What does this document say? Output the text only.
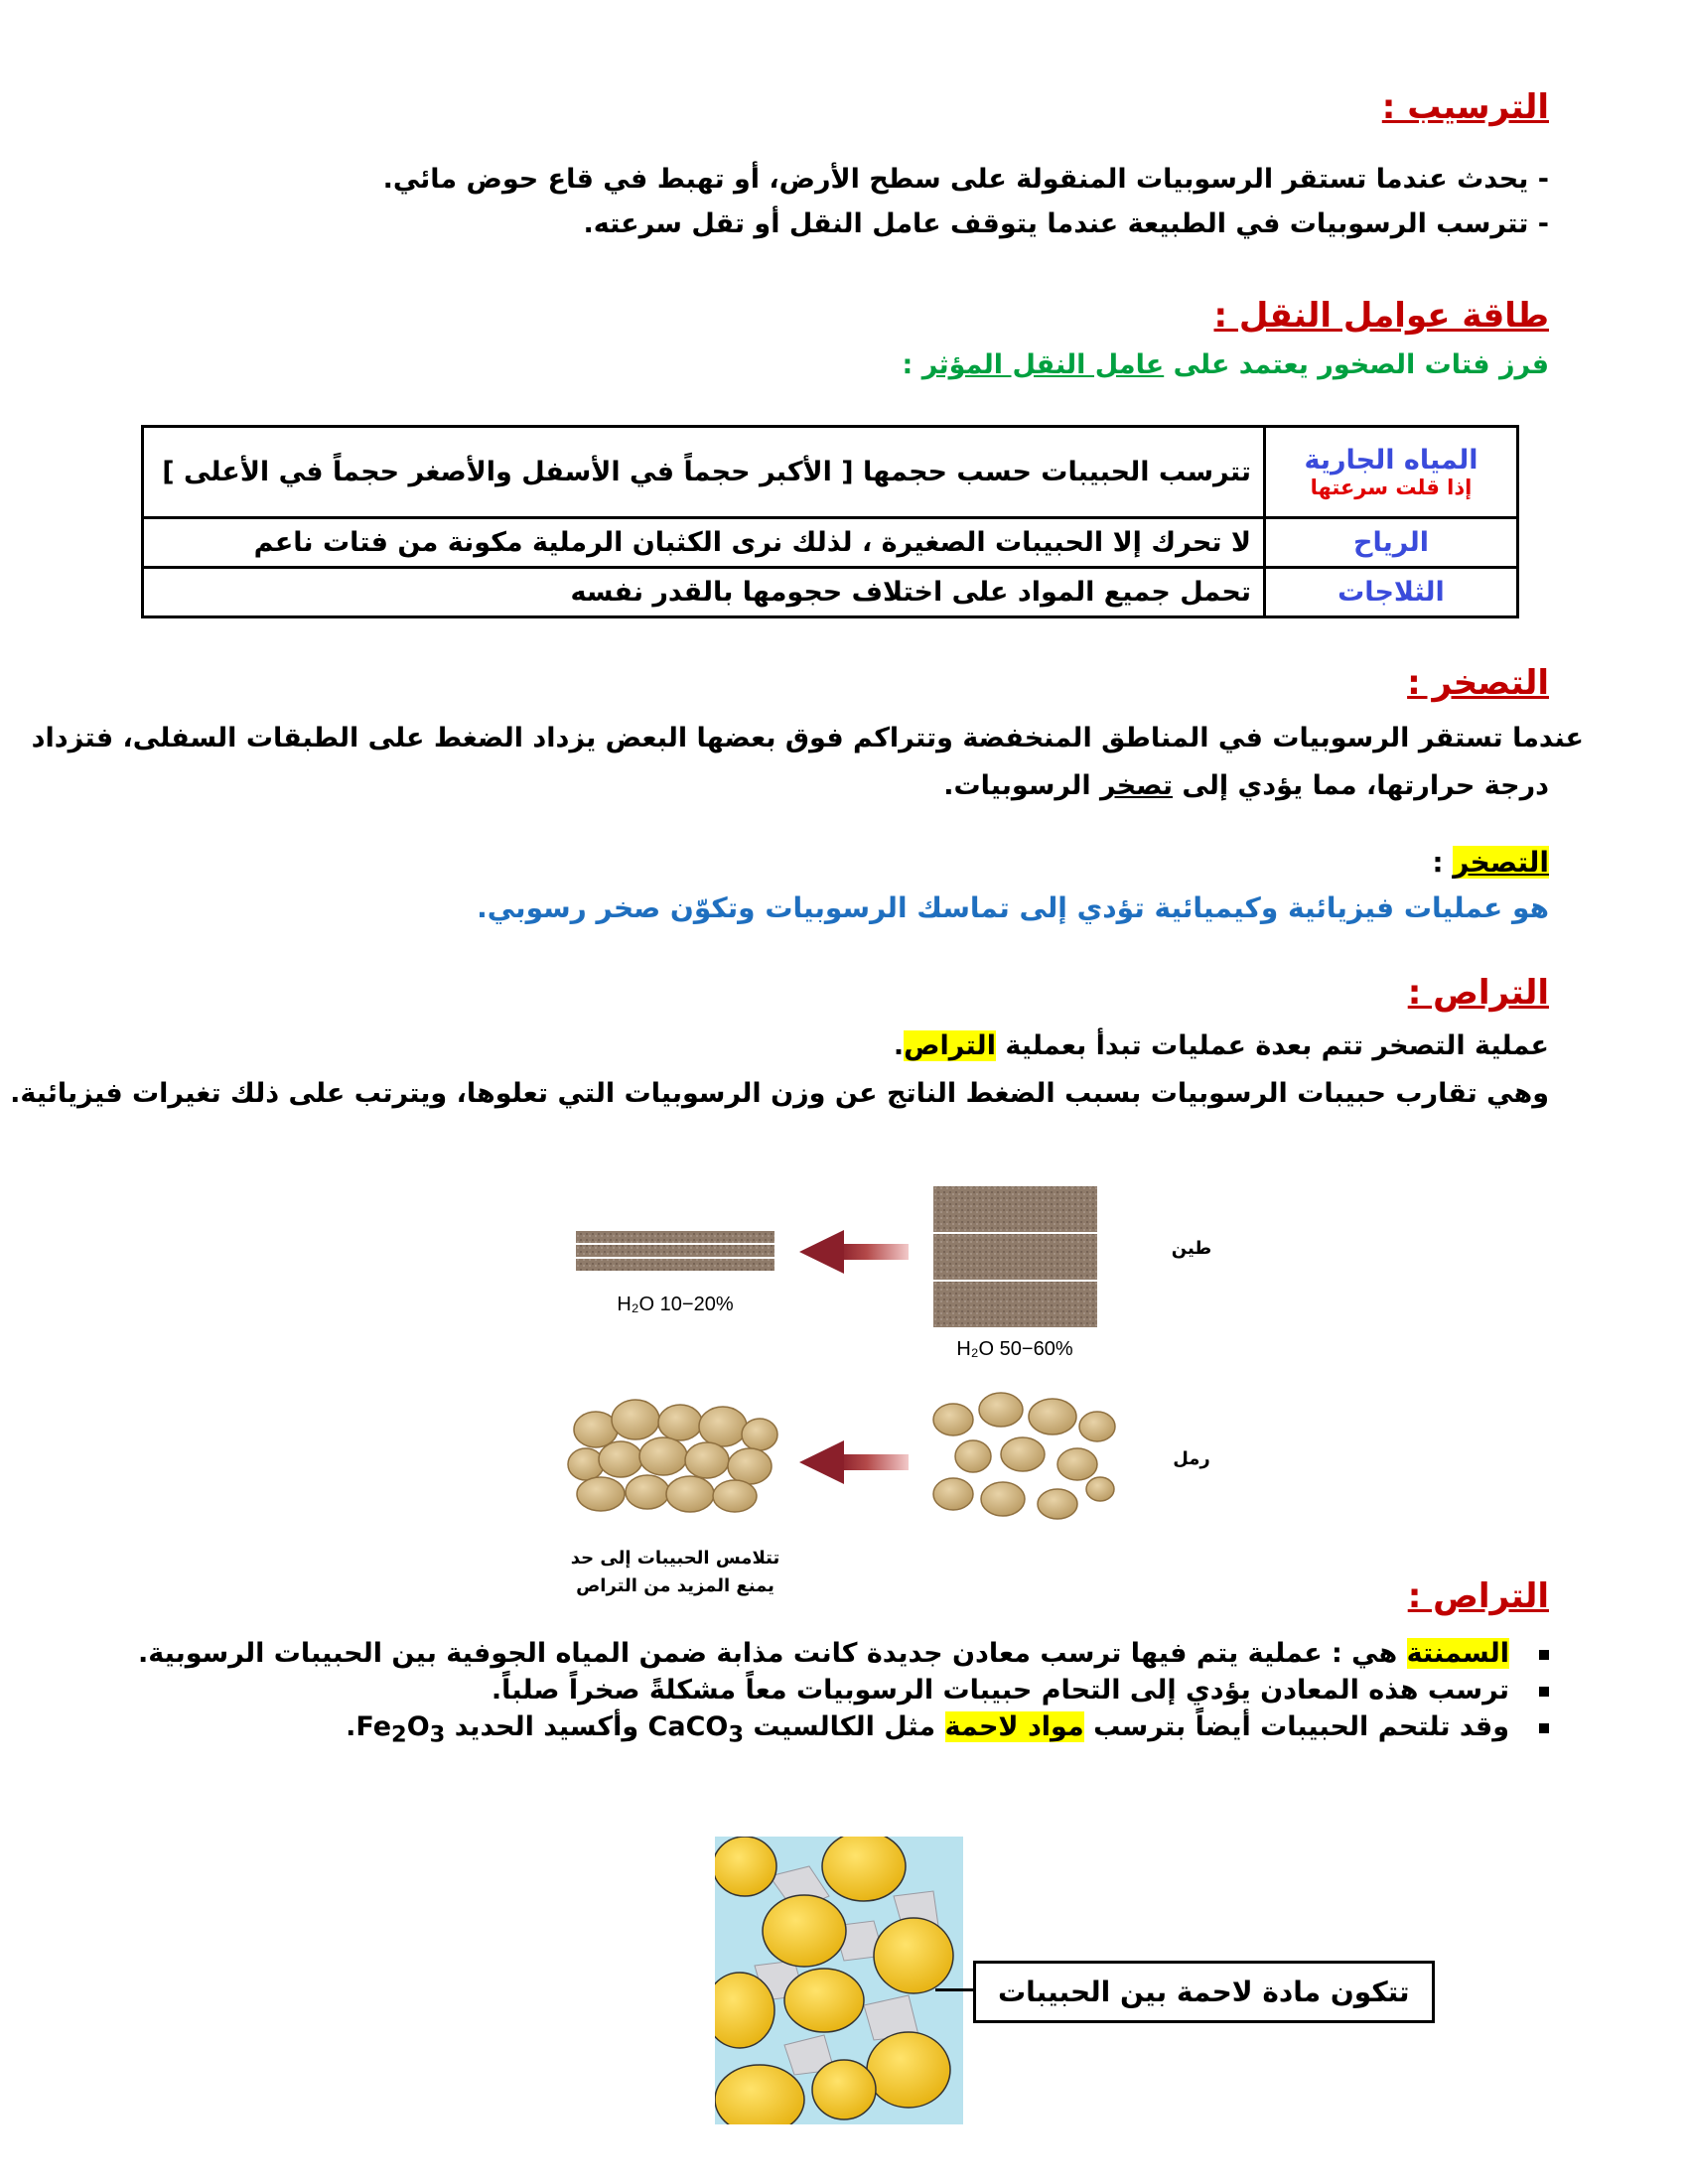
الترسيب :
- يحدث عندما تستقر الرسوبيات المنقولة على سطح الأرض، أو تهبط في قاع حوض مائي.
- تترسب الرسوبيات في الطبيعة عندما يتوقف عامل النقل أو تقل سرعته.
طاقة عوامل النقل :
فرز فتات الصخور يعتمد على عامل النقل المؤثر :
المياه الجارية
إذا قلت سرعتها	تترسب الحبيبات حسب حجمها [ الأكبر حجماً في الأسفل والأصغر حجماً في الأعلى ]
الرياح	لا تحرك إلا الحبيبات الصغيرة ، لذلك نرى الكثبان الرملية مكونة من فتات ناعم
الثلاجات	تحمل جميع المواد على اختلاف حجومها بالقدر نفسه
التصخر :
عندما تستقر الرسوبيات في المناطق المنخفضة وتتراكم فوق بعضها البعض يزداد الضغط على الطبقات السفلى، فتزداد
درجة حرارتها، مما يؤدي إلى تصخر الرسوبيات.
التصخر :
هو عمليات فيزيائية وكيميائية تؤدي إلى تماسك الرسوبيات وتكوّن صخر رسوبي.
التراص :
عملية التصخر تتم بعدة عمليات تبدأ بعملية التراص.
وهي تقارب حبيبات الرسوبيات بسبب الضغط الناتج عن وزن الرسوبيات التي تعلوها، ويترتب على ذلك تغيرات فيزيائية.
10−20% H₂O
50−60% H₂O
طين
رمل
تتلامس الحبيبات إلى حد
يمنع المزيد من التراص	التراص :
السمنتة هي : عملية يتم فيها ترسب معادن جديدة كانت مذابة ضمن المياه الجوفية بين الحبيبات الرسوبية.
ترسب هذه المعادن يؤدي إلى التحام حبيبات الرسوبيات معاً مشكلةً صخراً صلباً.
وقد تلتحم الحبيبات أيضاً بترسب مواد لاحمة مثل الكالسيت CaCO$_3$ وأكسيد الحديد $Fe_2O_3$.
تتكون مادة لاحمة بين الحبيبات
